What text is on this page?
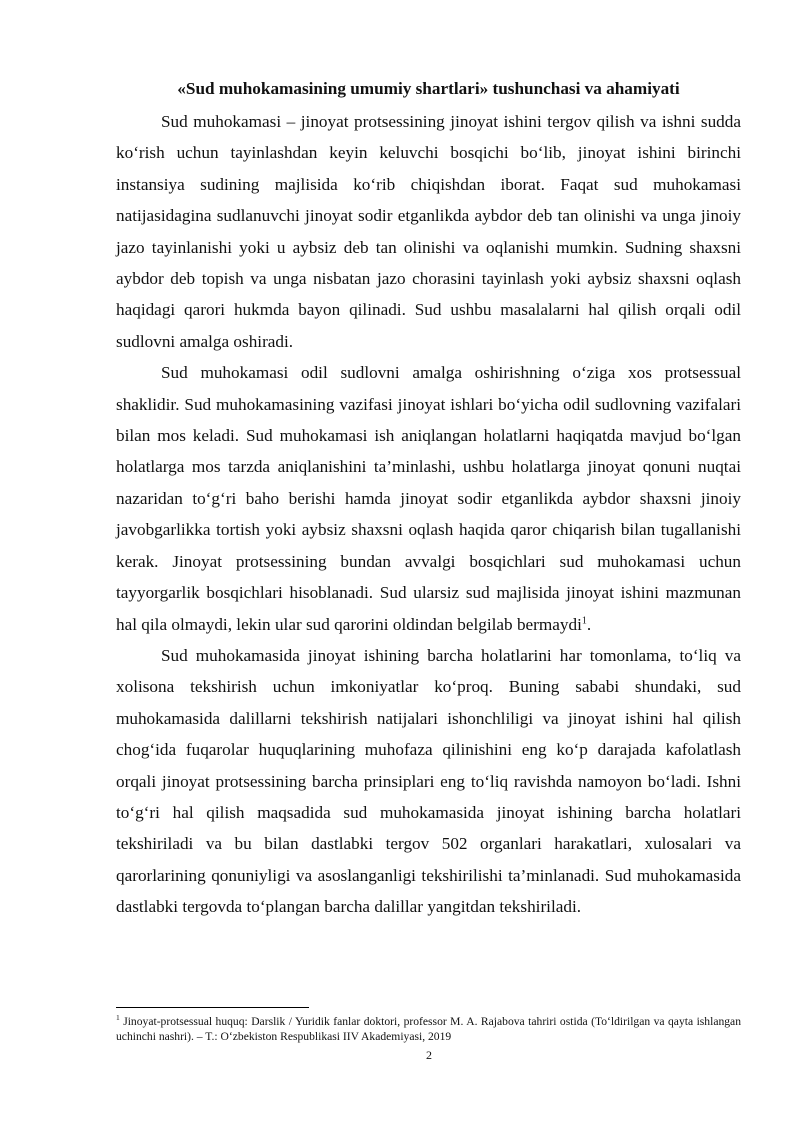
«Sud muhokamasining umumiy shartlari» tushunchasi va ahamiyati

Sud muhokamasi – jinoyat protsessining jinoyat ishini tergov qilish va ishni sudda ko‘rish uchun tayinlashdan keyin keluvchi bosqichi bo‘lib, jinoyat ishini birinchi instansiya sudining majlisida ko‘rib chiqishdan iborat. Faqat sud muhokamasi natijasidagina sudlanuvchi jinoyat sodir etganlikda aybdor deb tan olinishi va unga jinoiy jazo tayinlanishi yoki u aybsiz deb tan olinishi va oqlanishi mumkin. Sudning shaxsni aybdor deb topish va unga nisbatan jazo chorasini tayinlash yoki aybsiz shaxsni oqlash haqidagi qarori hukmda bayon qilinadi. Sud ushbu masalalarni hal qilish orqali odil sudlovni amalga oshiradi.

Sud muhokamasi odil sudlovni amalga oshirishning o‘ziga xos protsessual shaklidir. Sud muhokamasining vazifasi jinoyat ishlari bo‘yicha odil sudlovning vazifalari bilan mos keladi. Sud muhokamasi ish aniqlangan holatlarni haqiqatda mavjud bo‘lgan holatlarga mos tarzda aniqlanishini ta’minlashi, ushbu holatlarga jinoyat qonuni nuqtai nazaridan to‘g‘ri baho berishi hamda jinoyat sodir etganlikda aybdor shaxsni jinoiy javobgarlikka tortish yoki aybsiz shaxsni oqlash haqida qaror chiqarish bilan tugallanishi kerak. Jinoyat protsessining bundan avvalgi bosqichlari sud muhokamasi uchun tayyorgarlik bosqichlari hisoblanadi. Sud ularsiz sud majlisida jinoyat ishini mazmunan hal qila olmaydi, lekin ular sud qarorini oldindan belgilab bermaydi$^1$.

Sud muhokamasida jinoyat ishining barcha holatlarini har tomonlama, to‘liq va xolisona tekshirish uchun imkoniyatlar ko‘proq. Buning sababi shundaki, sud muhokamasida dalillarni tekshirish natijalari ishonchliligi va jinoyat ishini hal qilish chog‘ida fuqarolar huquqlarining muhofaza qilinishini eng ko‘p darajada kafolatlash orqali jinoyat protsessining barcha prinsiplari eng to‘liq ravishda namoyon bo‘ladi. Ishni to‘g‘ri hal qilish maqsadida sud muhokamasida jinoyat ishining barcha holatlari tekshiriladi va bu bilan dastlabki tergov 502 organlari harakatlari, xulosalari va qarorlarining qonuniyligi va asoslanganligi tekshirilishi ta’minlanadi. Sud muhokamasida dastlabki tergovda to‘plangan barcha dalillar yangitdan tekshiriladi.

$^1$ Jinoyat-protsessual huquq: Darslik / Yuridik fanlar doktori, professor M. A. Rajabova tahriri ostida (To‘ldirilgan va qayta ishlangan uchinchi nashri). – T.: O‘zbekiston Respublikasi IIV Akademiyasi, 2019

2
